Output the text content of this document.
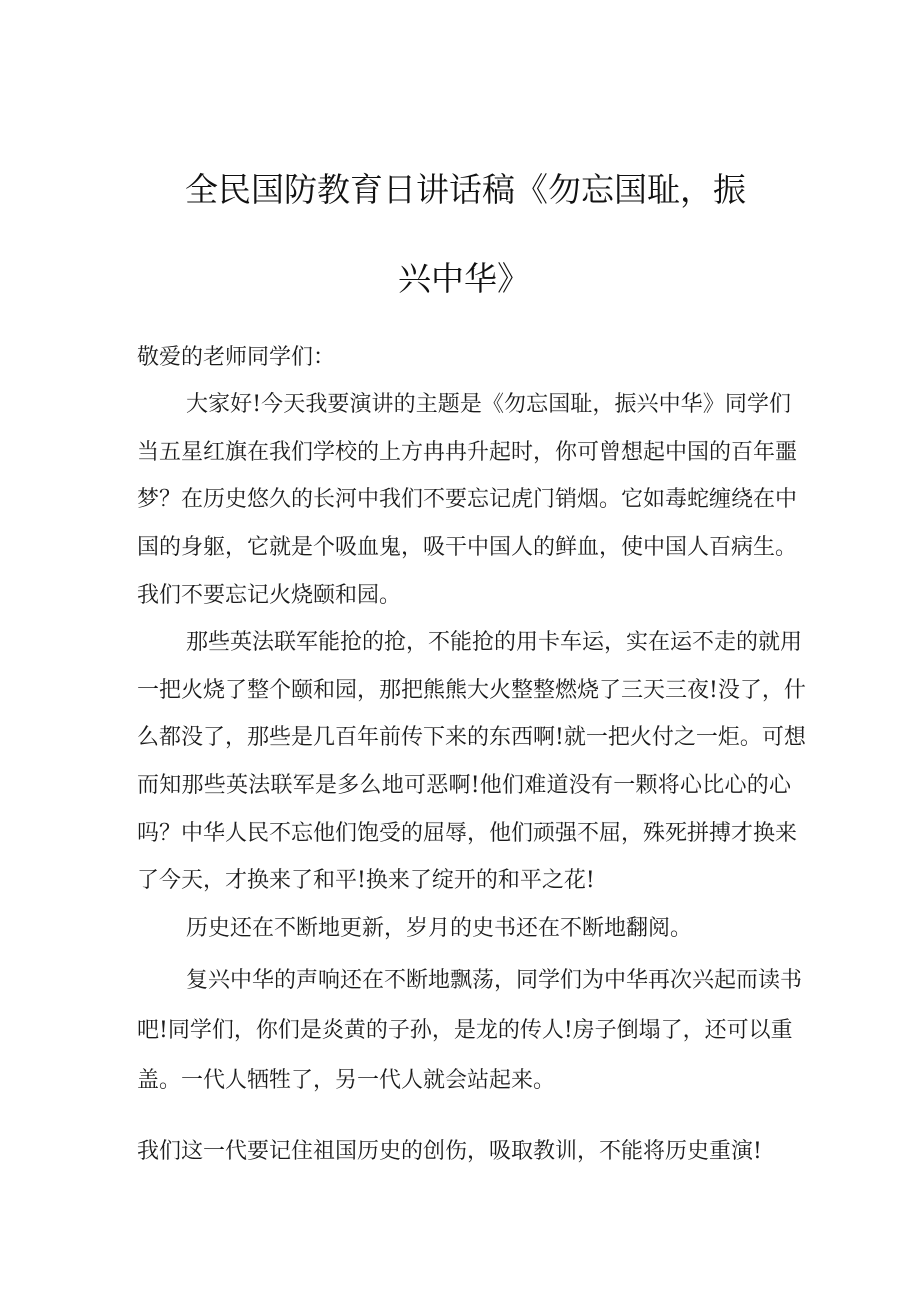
全民国防教育日讲话稿《勿忘国耻，振
兴中华》
敬爱的老师同学们：
大家好!今天我要演讲的主题是《勿忘国耻，振兴中华》同学们
当五星红旗在我们学校的上方冉冉升起时，你可曾想起中国的百年噩
梦？在历史悠久的长河中我们不要忘记虎门销烟。它如毒蛇缠绕在中
国的身躯，它就是个吸血鬼，吸干中国人的鲜血，使中国人百病生。
我们不要忘记火烧颐和园。
那些英法联军能抢的抢，不能抢的用卡车运，实在运不走的就用
一把火烧了整个颐和园，那把熊熊大火整整燃烧了三天三夜!没了，什
么都没了，那些是几百年前传下来的东西啊!就一把火付之一炬。可想
而知那些英法联军是多么地可恶啊!他们难道没有一颗将心比心的心
吗？中华人民不忘他们饱受的屈辱，他们顽强不屈，殊死拼搏才换来
了今天，才换来了和平!换来了绽开的和平之花!
历史还在不断地更新，岁月的史书还在不断地翻阅。
复兴中华的声响还在不断地飘荡，同学们为中华再次兴起而读书
吧!同学们，你们是炎黄的子孙，是龙的传人!房子倒塌了，还可以重
盖。一代人牺牲了，另一代人就会站起来。
我们这一代要记住祖国历史的创伤，吸取教训，不能将历史重演!
